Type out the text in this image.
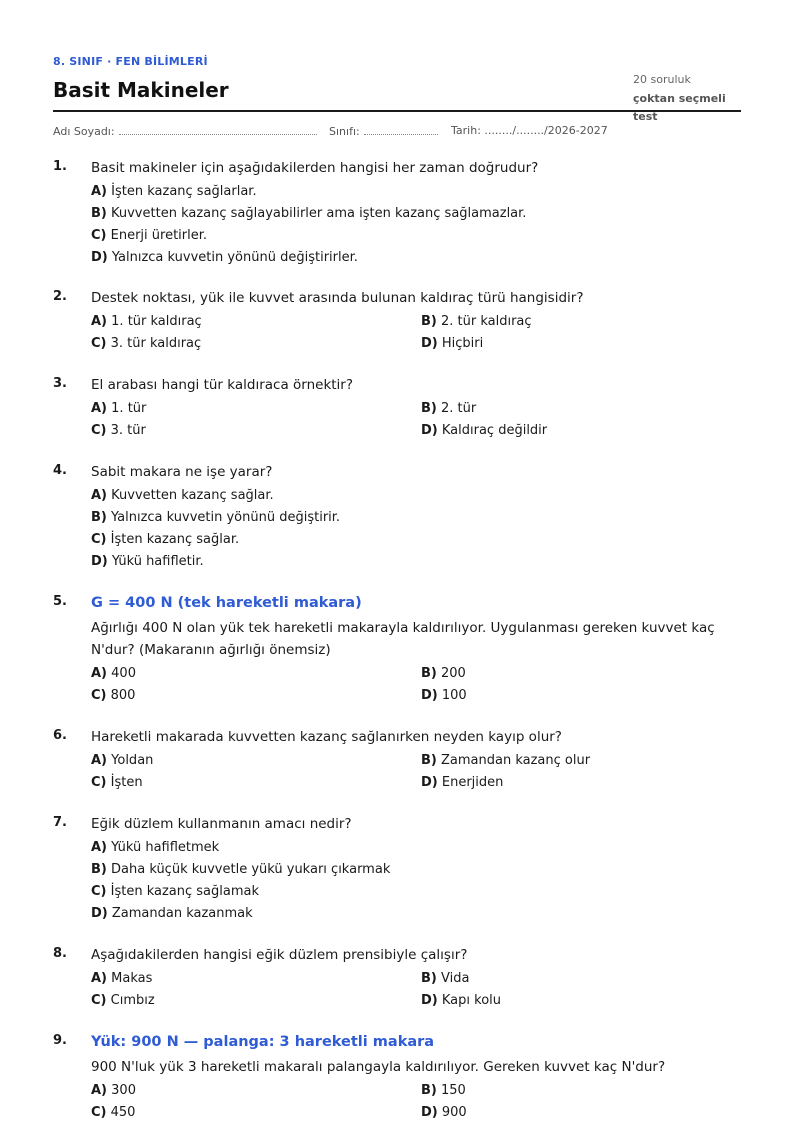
8. SINIF · FEN BİLİMLERİ
Basit Makineler	20 soruluk
çoktan seçmeli test
Adı Soyadı:	Sınıfı:	Tarih: ......../......../2026-2027
1. Basit makineler için aşağıdakilerden hangisi her zaman doğrudur?
A) İşten kazanç sağlarlar.
B) Kuvvetten kazanç sağlayabilirler ama işten kazanç sağlamazlar.
C) Enerji üretirler.
D) Yalnızca kuvvetin yönünü değiştirirler.
2. Destek noktası, yük ile kuvvet arasında bulunan kaldıraç türü hangisidir?
A) 1. tür kaldıraç	B) 2. tür kaldıraç
C) 3. tür kaldıraç	D) Hiçbiri
3. El arabası hangi tür kaldıraca örnektir?
A) 1. tür	B) 2. tür
C) 3. tür	D) Kaldıraç değildir
4. Sabit makara ne işe yarar?
A) Kuvvetten kazanç sağlar.
B) Yalnızca kuvvetin yönünü değiştirir.
C) İşten kazanç sağlar.
D) Yükü hafifletir.
5. G = 400 N (tek hareketli makara)
Ağırlığı 400 N olan yük tek hareketli makarayla kaldırılıyor. Uygulanması gereken kuvvet kaç N'dur? (Makaranın ağırlığı önemsiz)
A) 400	B) 200
C) 800	D) 100
6. Hareketli makarada kuvvetten kazanç sağlanırken neyden kayıp olur?
A) Yoldan	B) Zamandan kazanç olur
C) İşten	D) Enerjiden
7. Eğik düzlem kullanmanın amacı nedir?
A) Yükü hafifletmek
B) Daha küçük kuvvetle yükü yukarı çıkarmak
C) İşten kazanç sağlamak
D) Zamandan kazanmak
8. Aşağıdakilerden hangisi eğik düzlem prensibiyle çalışır?
A) Makas	B) Vida
C) Cımbız	D) Kapı kolu
9. Yük: 900 N — palanga: 3 hareketli makara
900 N'luk yük 3 hareketli makaralı palangayla kaldırılıyor. Gereken kuvvet kaç N'dur?
A) 300	B) 150
C) 450	D) 900
